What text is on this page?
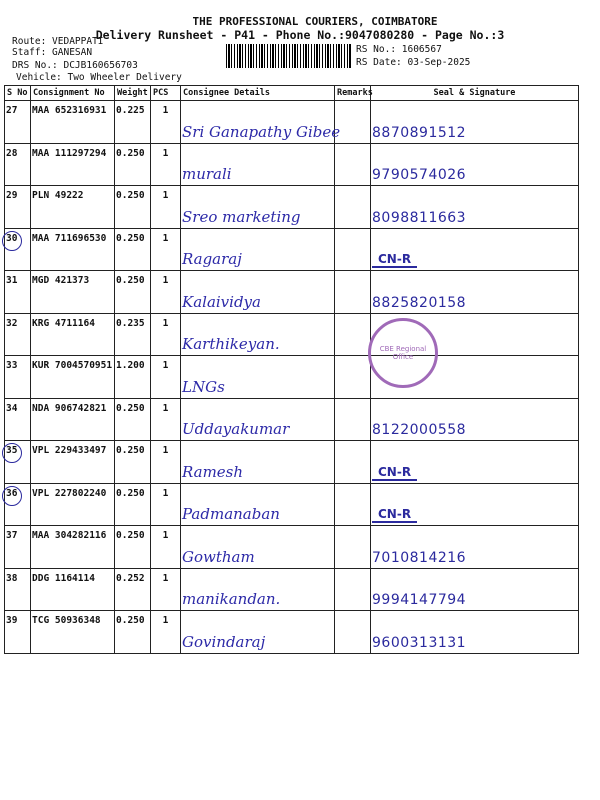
THE PROFESSIONAL COURIERS, COIMBATORE
Delivery Runsheet - P41 - Phone No.:9047080280 - Page No.:3
Route: VEDAPPATI
Staff: GANESAN
DRS No.: DCJB160656703
Vehicle: Two Wheeler Delivery
RS No.: 1606567
RS Date: 03-Sep-2025
S No	Consignment No	Weight	PCS	Consignee Details	Remarks	Seal & Signature
27	MAA 652316931	0.225	1	Sri Ganapathy Gibee		8870891512
28	MAA 111297294	0.250	1	murali		9790574026
29	PLN 49222	0.250	1	Sreo marketing		8098811663

30	MAA 711696530	0.250	1	Ragaraj		CN-R
31	MGD 421373	0.250	1	Kalaividya		8825820158
32	KRG 4711164	0.235	1	Karthikeyan.		
33	KUR 7004570951	1.200	1	LNGs		
34	NDA 906742821	0.250	1	Uddayakumar		8122000558

35	VPL 229433497	0.250	1	Ramesh		CN-R

36	VPL 227802240	0.250	1	Padmanaban		CN-R
37	MAA 304282116	0.250	1	Gowtham		7010814216
38	DDG 1164114	0.252	1	manikandan.		9994147794
39	TCG 50936348	0.250	1	Govindaraj		9600313131
CBE Regional Office
